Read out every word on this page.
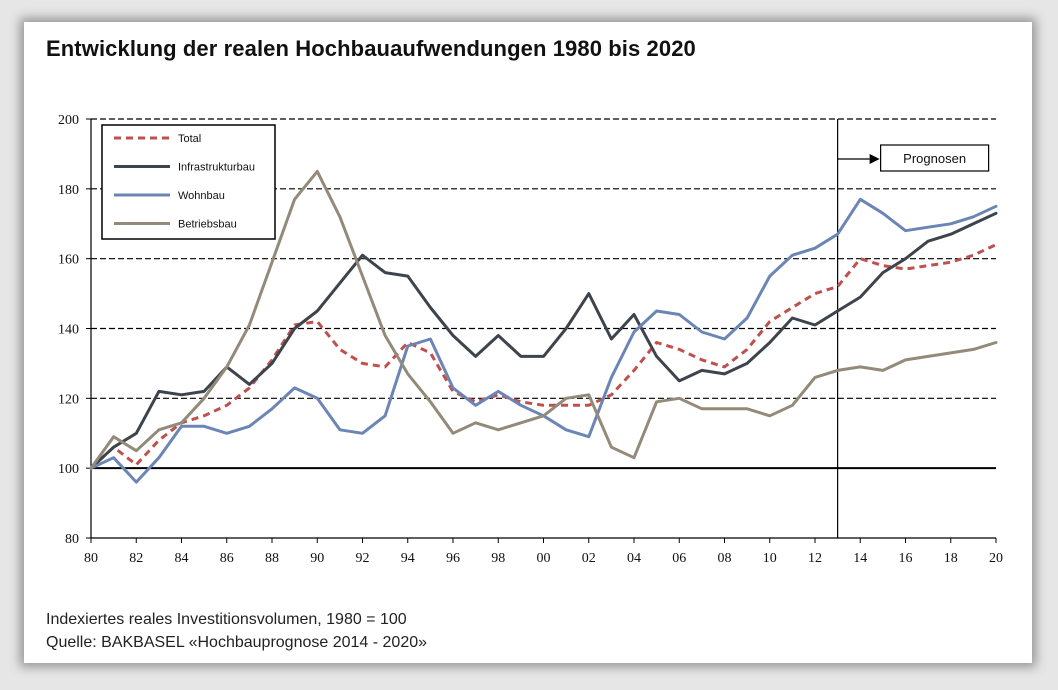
Entwicklung der realen Hochbauaufwendungen 1980 bis 2020
80
100
120
140
160
180
200
80 82 84 86 88 90 92 94 96 98 00 02 04 06 08 10 12 14 16 18 20
Prognosen
Total
Infrastrukturbau
Wohnbau
Betriebsbau
Indexiertes reales Investitionsvolumen, 1980 = 100
Quelle: BAKBASEL «Hochbauprognose 2014 - 2020»
